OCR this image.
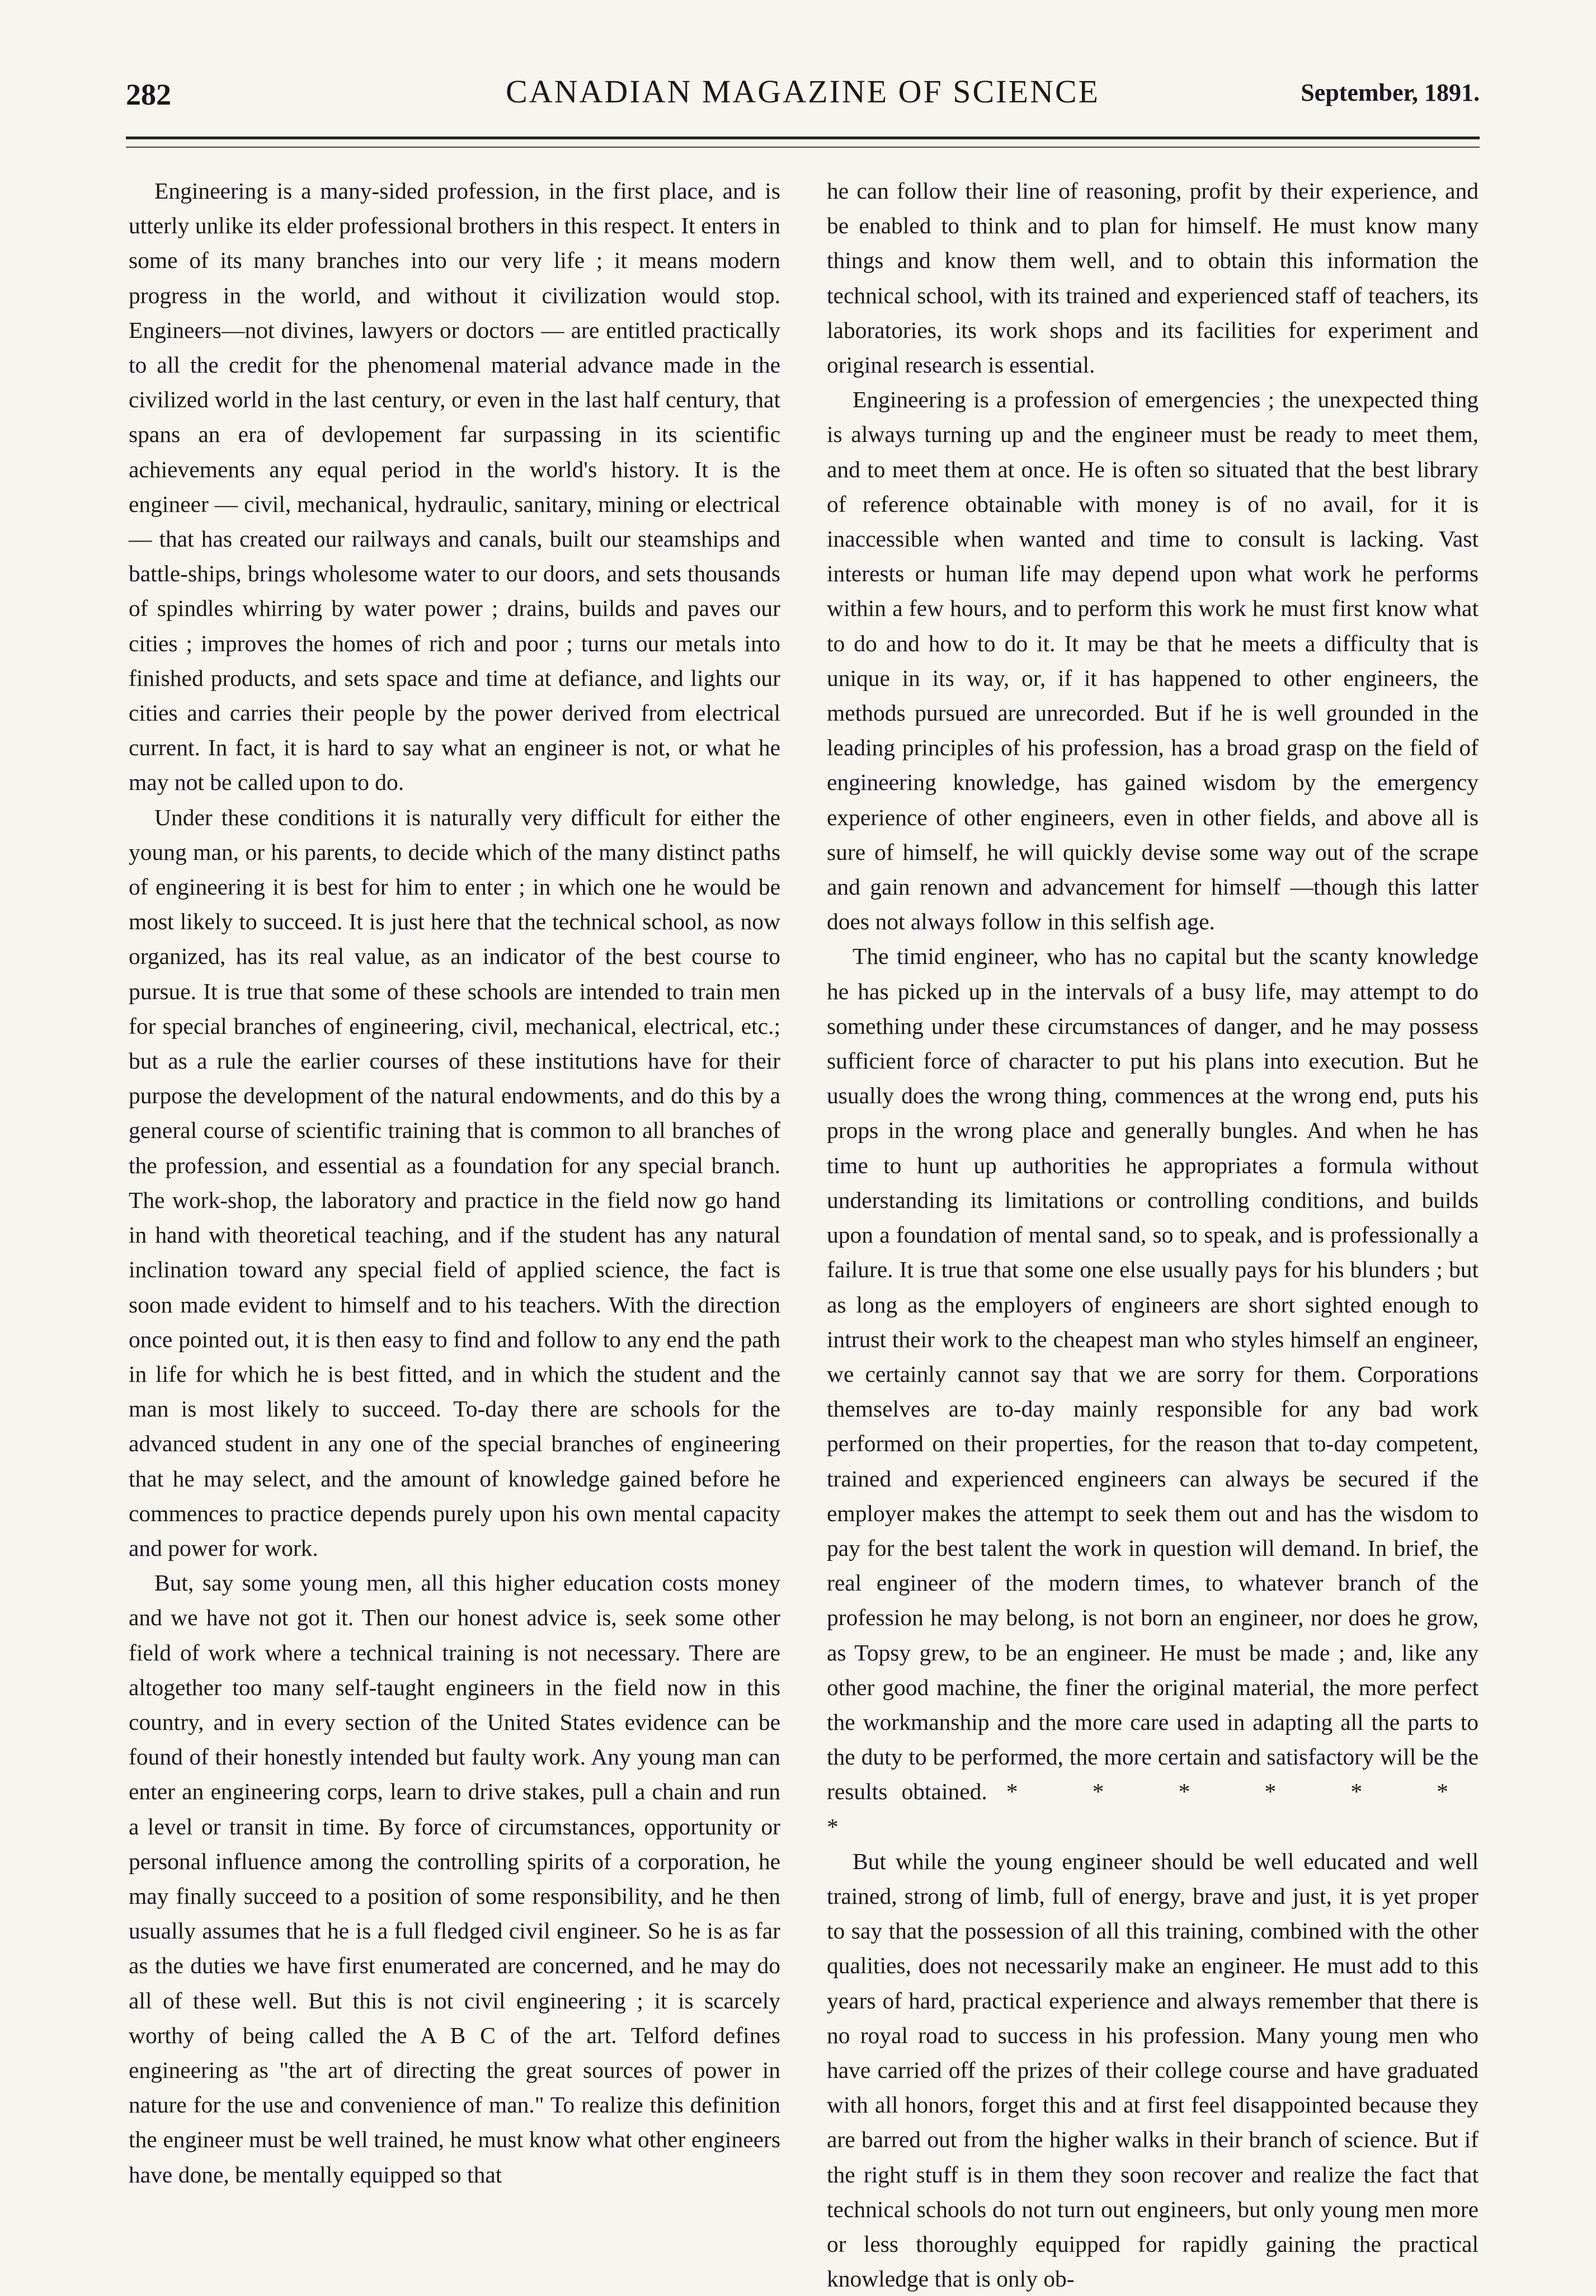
282	CANADIAN MAGAZINE OF SCIENCE	September, 1891.

Engineering is a many-sided profession, in the first place, and is utterly unlike its elder professional brothers in this respect. It enters in some of its many branches into our very life ; it means modern progress in the world, and without it civilization would stop. Engineers—not divines, lawyers or doctors — are entitled practically to all the credit for the phenomenal material advance made in the civilized world in the last century, or even in the last half century, that spans an era of devlopement far surpassing in its scientific achievements any equal period in the world's history. It is the engineer — civil, mechanical, hydraulic, sanitary, mining or electrical — that has created our railways and canals, built our steamships and battle-ships, brings wholesome water to our doors, and sets thousands of spindles whirring by water power ; drains, builds and paves our cities ; improves the homes of rich and poor ; turns our metals into finished products, and sets space and time at defiance, and lights our cities and carries their people by the power derived from electrical current. In fact, it is hard to say what an engineer is not, or what he may not be called upon to do.

Under these conditions it is naturally very difficult for either the young man, or his parents, to decide which of the many distinct paths of engineering it is best for him to enter ; in which one he would be most likely to succeed. It is just here that the technical school, as now organized, has its real value, as an indicator of the best course to pursue. It is true that some of these schools are intended to train men for special branches of engineering, civil, mechanical, electrical, etc.; but as a rule the earlier courses of these institutions have for their purpose the development of the natural endowments, and do this by a general course of scientific training that is common to all branches of the profession, and essential as a foundation for any special branch. The work-shop, the laboratory and practice in the field now go hand in hand with theoretical teaching, and if the student has any natural inclination toward any special field of applied science, the fact is soon made evident to himself and to his teachers. With the direction once pointed out, it is then easy to find and follow to any end the path in life for which he is best fitted, and in which the student and the man is most likely to succeed. To-day there are schools for the advanced student in any one of the special branches of engineering that he may select, and the amount of knowledge gained before he commences to practice depends purely upon his own mental capacity and power for work.

But, say some young men, all this higher education costs money and we have not got it. Then our honest advice is, seek some other field of work where a technical training is not necessary. There are altogether too many self-taught engineers in the field now in this country, and in every section of the United States evidence can be found of their honestly intended but faulty work. Any young man can enter an engineering corps, learn to drive stakes, pull a chain and run a level or transit in time. By force of circumstances, opportunity or personal influence among the controlling spirits of a corporation, he may finally succeed to a position of some responsibility, and he then usually assumes that he is a full fledged civil engineer. So he is as far as the duties we have first enumerated are concerned, and he may do all of these well. But this is not civil engineering ; it is scarcely worthy of being called the A B C of the art. Telford defines engineering as "the art of directing the great sources of power in nature for the use and convenience of man." To realize this definition the engineer must be well trained, he must know what other engineers have done, be mentally equipped so that

he can follow their line of reasoning, profit by their experience, and be enabled to think and to plan for himself. He must know many things and know them well, and to obtain this information the technical school, with its trained and experienced staff of teachers, its laboratories, its work shops and its facilities for experiment and original research is essential.

Engineering is a profession of emergencies ; the unexpected thing is always turning up and the engineer must be ready to meet them, and to meet them at once. He is often so situated that the best library of reference obtainable with money is of no avail, for it is inaccessible when wanted and time to consult is lacking. Vast interests or human life may depend upon what work he performs within a few hours, and to perform this work he must first know what to do and how to do it. It may be that he meets a difficulty that is unique in its way, or, if it has happened to other engineers, the methods pursued are unrecorded. But if he is well grounded in the leading principles of his profession, has a broad grasp on the field of engineering knowledge, has gained wisdom by the emergency experience of other engineers, even in other fields, and above all is sure of himself, he will quickly devise some way out of the scrape and gain renown and advancement for himself —though this latter does not always follow in this selfish age.

The timid engineer, who has no capital but the scanty knowledge he has picked up in the intervals of a busy life, may attempt to do something under these circumstances of danger, and he may possess sufficient force of character to put his plans into execution. But he usually does the wrong thing, commences at the wrong end, puts his props in the wrong place and generally bungles. And when he has time to hunt up authorities he appropriates a formula without understanding its limitations or controlling conditions, and builds upon a foundation of mental sand, so to speak, and is professionally a failure. It is true that some one else usually pays for his blunders ; but as long as the employers of engineers are short sighted enough to intrust their work to the cheapest man who styles himself an engineer, we certainly cannot say that we are sorry for them. Corporations themselves are to-day mainly responsible for any bad work performed on their properties, for the reason that to-day competent, trained and experienced engineers can always be secured if the employer makes the attempt to seek them out and has the wisdom to pay for the best talent the work in question will demand. In brief, the real engineer of the modern times, to whatever branch of the profession he may belong, is not born an engineer, nor does he grow, as Topsy grew, to be an engineer. He must be made ; and, like any other good machine, the finer the original material, the more perfect the workmanship and the more care used in adapting all the parts to the duty to be performed, the more certain and satisfactory will be the results obtained. * * * * * * *

But while the young engineer should be well educated and well trained, strong of limb, full of energy, brave and just, it is yet proper to say that the possession of all this training, combined with the other qualities, does not necessarily make an engineer. He must add to this years of hard, practical experience and always remember that there is no royal road to success in his profession. Many young men who have carried off the prizes of their college course and have graduated with all honors, forget this and at first feel disappointed because they are barred out from the higher walks in their branch of science. But if the right stuff is in them they soon recover and realize the fact that technical schools do not turn out engineers, but only young men more or less thoroughly equipped for rapidly gaining the practical knowledge that is only ob-
